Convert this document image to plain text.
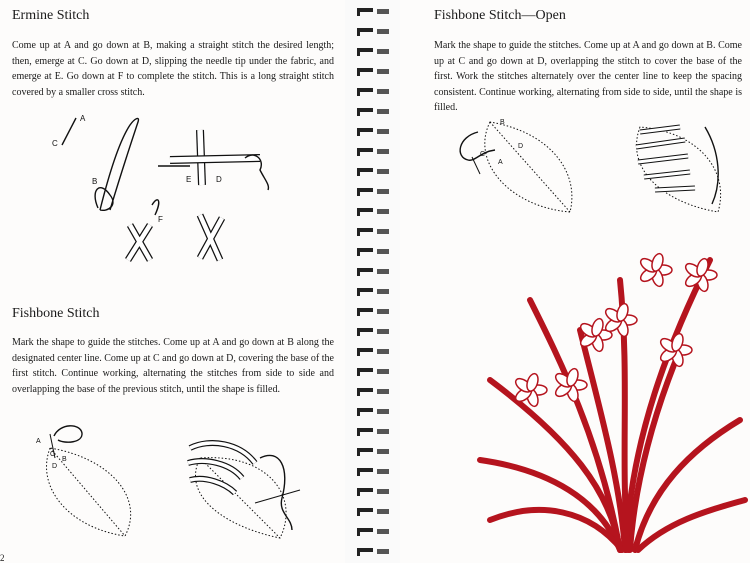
Ermine Stitch

Come up at A and go down at B, making a straight stitch the desired length; then, emerge at C. Go down at D, slipping the needle tip under the fabric, and emerge at E. Go down at F to complete the stitch. This is a long straight stitch covered by a smaller cross stitch.

A
C
B	E	D
F
Fishbone Stitch

Mark the shape to guide the stitches. Come up at A and go down at B along the designated center line. Come up at C and go down at D, covering the base of the first stitch. Continue working, alternating the stitches from side to side and overlapping the base of the previous stitch, until the shape is filled.

A
C
B
D
2
Fishbone Stitch—Open

Mark the shape to guide the stitches. Come up at A and go down at B. Come up at C and go down at D, overlapping the stitch to cover the base of the first. Work the stitches alternately over the center line to keep the spacing consistent. Continue working, alternating from side to side, until the shape is filled.

B
C
D
A
